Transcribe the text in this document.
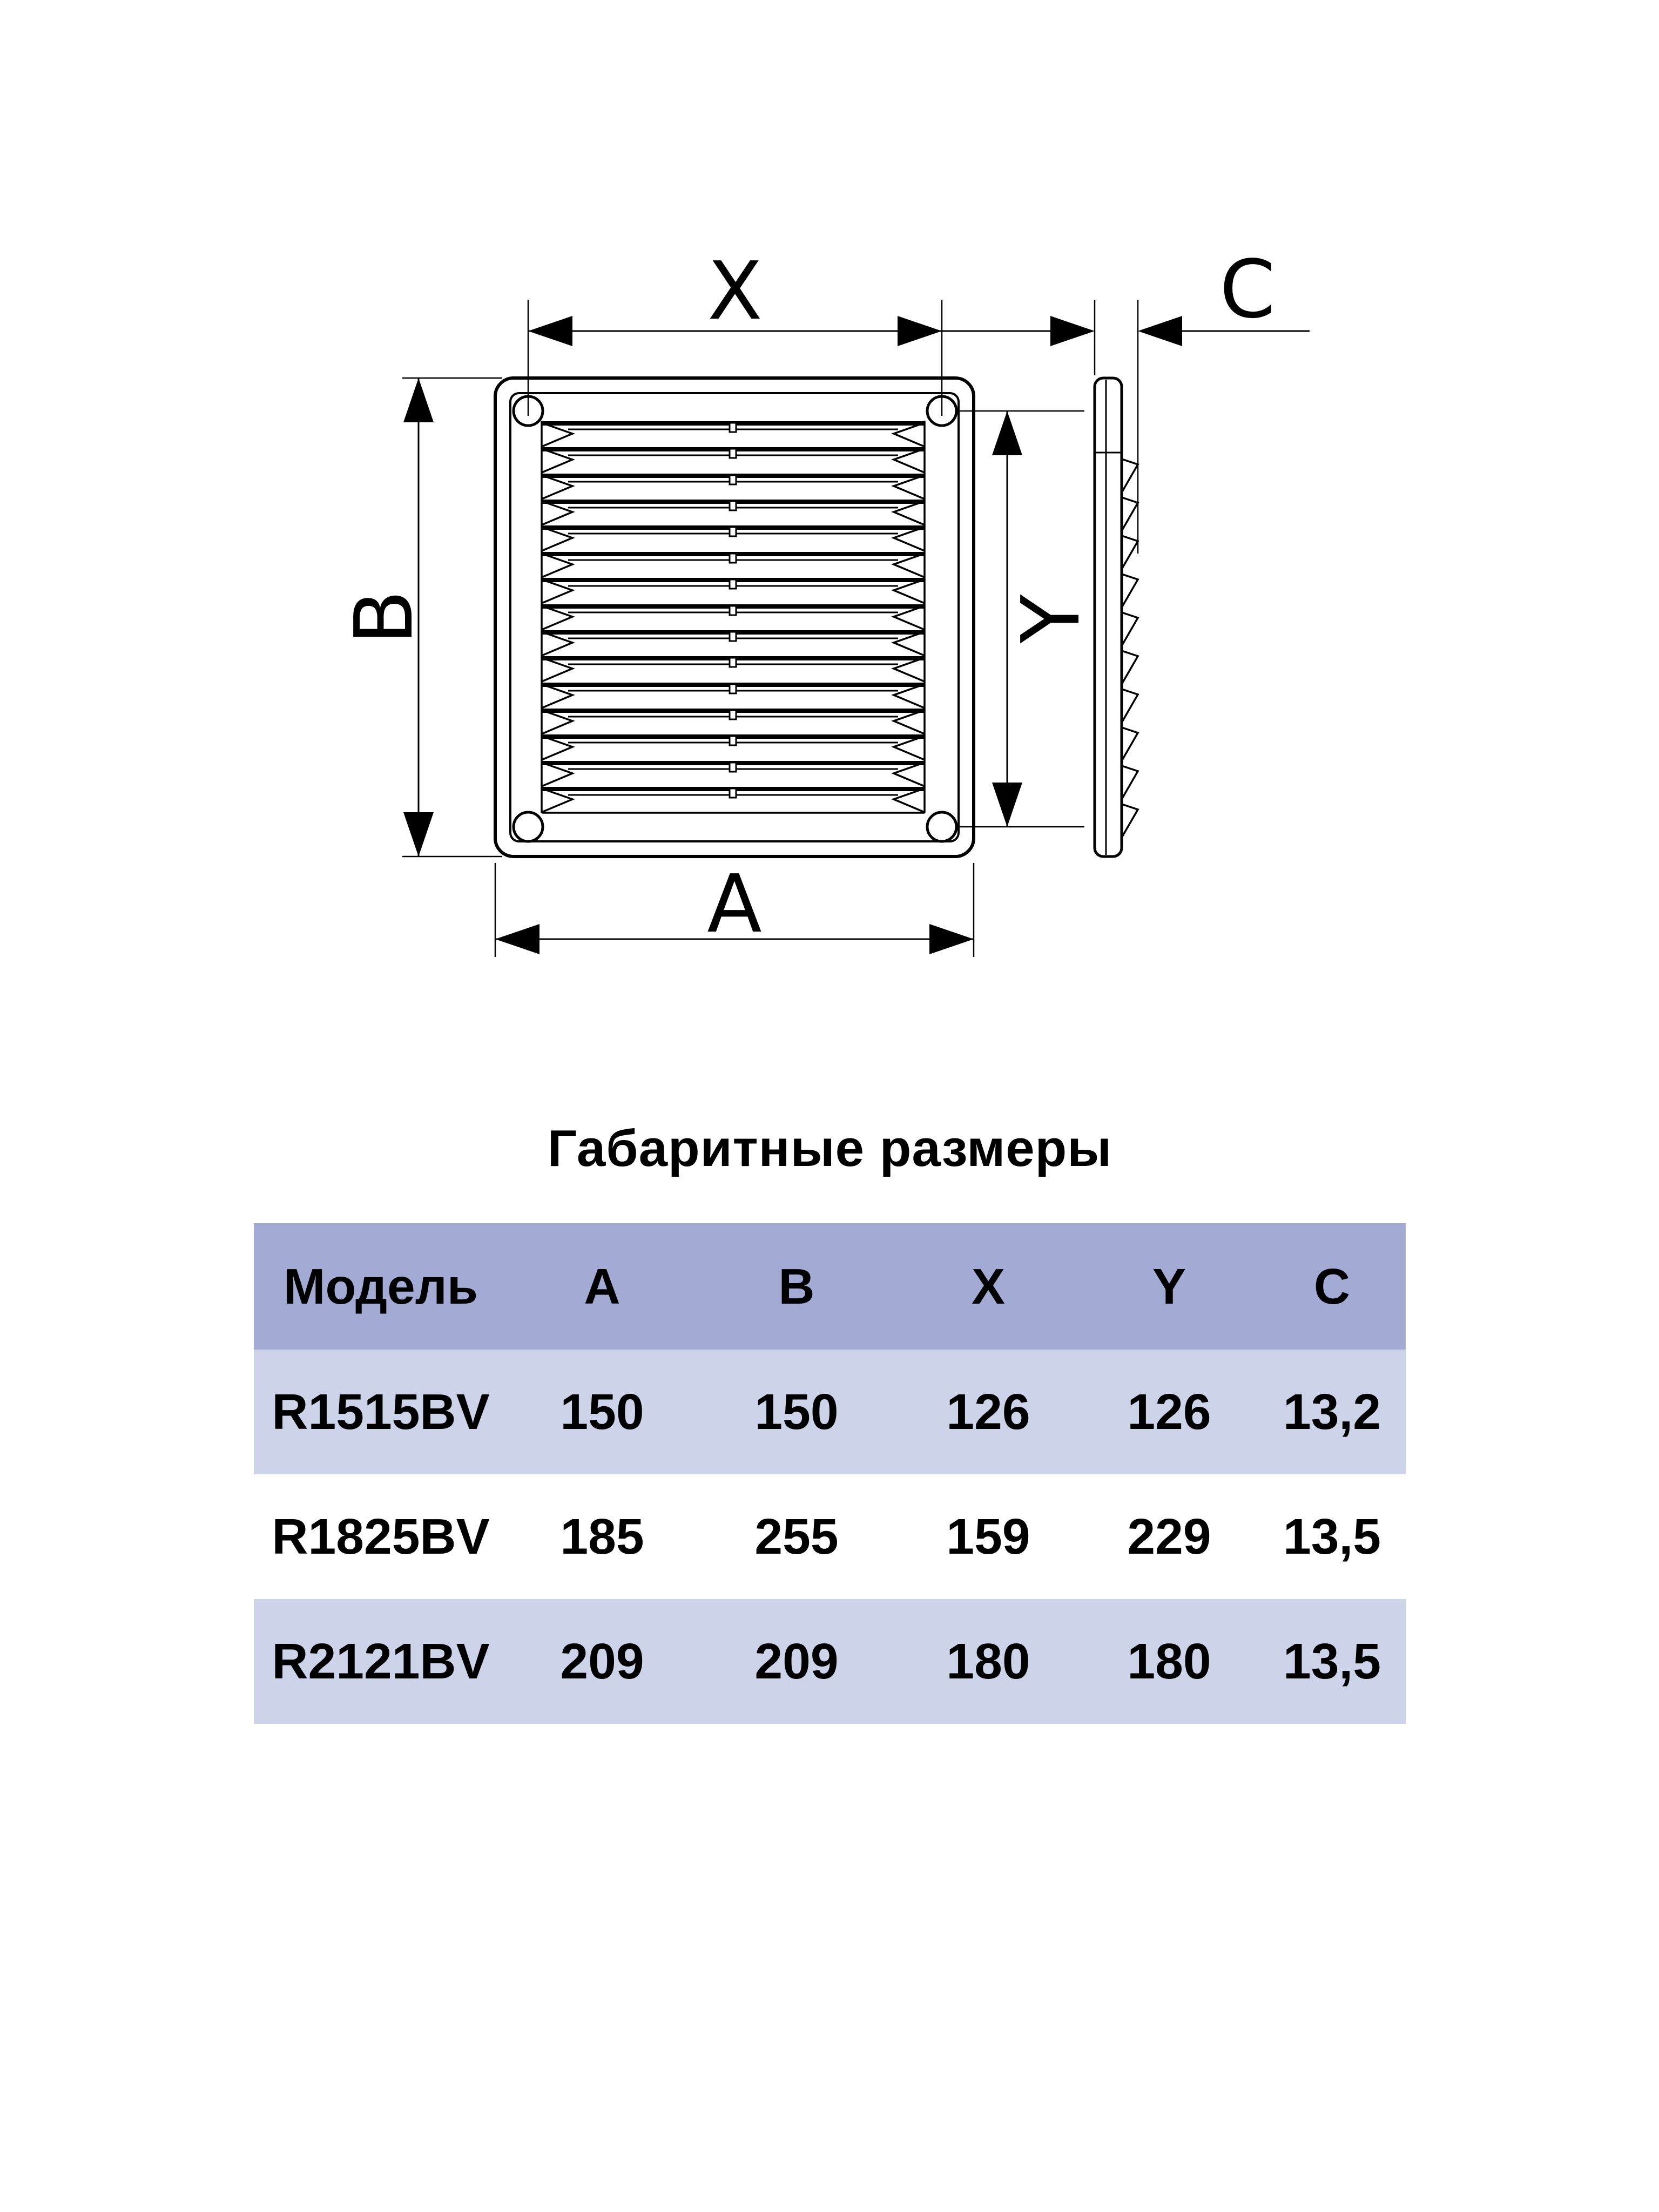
X
B	Y
A
C
Габаритные размеры
Модель	A	B	X	Y	C
R1515BV	150	150	126	126	13,2
R1825BV	185	255	159	229	13,5
R2121BV	209	209	180	180	13,5
